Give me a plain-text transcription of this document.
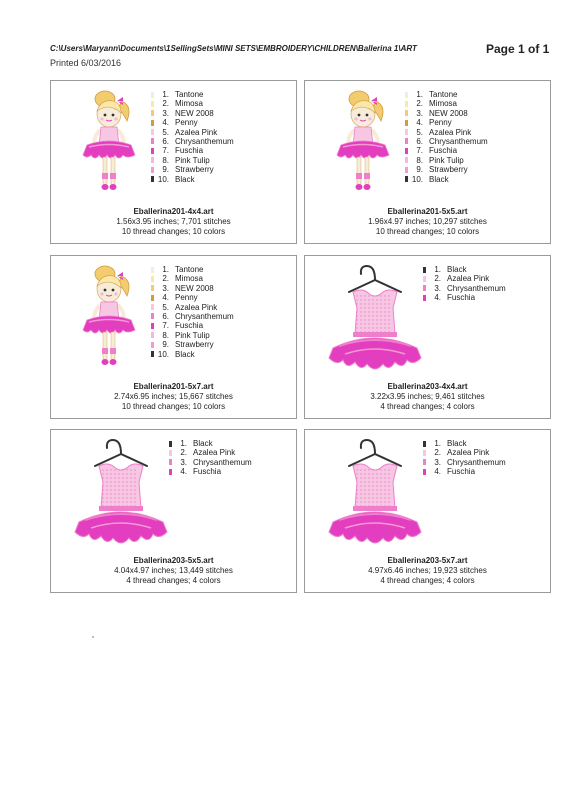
C:\Users\Maryann\Documents\1SellingSets\MINI SETS\EMBROIDERY\CHILDREN\Ballerina 1\ART
Printed 6/03/2016
Page 1 of 1
1. Tantone
2. Mimosa
3. NEW 2008
4. Penny
5. Azalea Pink
6. Chrysanthemum
7. Fuschia
8. Pink Tulip
9. Strawberry
10. Black
Eballerina201-4x4.art
1.56x3.95 inches; 7,701 stitches
10 thread changes; 10 colors
1. Tantone
2. Mimosa
3. NEW 2008
4. Penny
5. Azalea Pink
6. Chrysanthemum
7. Fuschia
8. Pink Tulip
9. Strawberry
10. Black
Eballerina201-5x5.art
1.96x4.97 inches; 10,297 stitches
10 thread changes; 10 colors
1. Tantone
2. Mimosa
3. NEW 2008
4. Penny
5. Azalea Pink
6. Chrysanthemum
7. Fuschia
8. Pink Tulip
9. Strawberry
10. Black
Eballerina201-5x7.art
2.74x6.95 inches; 15,667 stitches
10 thread changes; 10 colors
1. Black
2. Azalea Pink
3. Chrysanthemum
4. Fuschia
Eballerina203-4x4.art
3.22x3.95 inches; 9,461 stitches
4 thread changes; 4 colors
1. Black
2. Azalea Pink
3. Chrysanthemum
4. Fuschia
Eballerina203-5x5.art
4.04x4.97 inches; 13,449 stitches
4 thread changes; 4 colors
1. Black
2. Azalea Pink
3. Chrysanthemum
4. Fuschia
Eballerina203-5x7.art
4.97x6.46 inches; 19,923 stitches
4 thread changes; 4 colors
